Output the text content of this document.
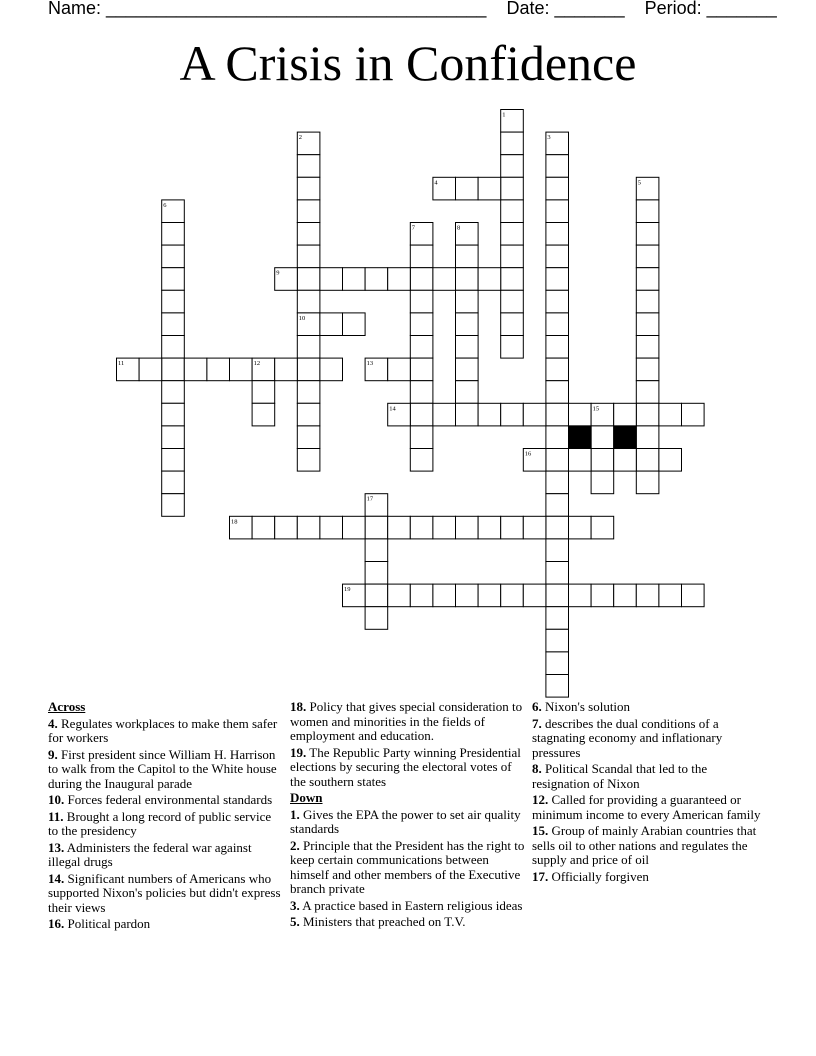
Name: ______________________________________ Date: _______ Period: _______
A Crisis in Confidence
1
2	3
4	5
6
7	8
9
10
11	12	13
14	15
16
17
18
19
Across
4. Regulates workplaces to make them safer for workers
9. First president since William H. Harrison to walk from the Capitol to the White house during the Inaugural parade
10. Forces federal environmental standards
11. Brought a long record of public service to the presidency
13. Administers the federal war against illegal drugs
14. Significant numbers of Americans who supported Nixon's policies but didn't express their views
16. Political pardon
18. Policy that gives special consideration to women and minorities in the fields of employment and education.
19. The Republic Party winning Presidential elections by securing the electoral votes of the southern states
Down
1. Gives the EPA the power to set air quality standards
2. Principle that the President has the right to keep certain communications between himself and other members of the Executive branch private
3. A practice based in Eastern religious ideas
5. Ministers that preached on T.V.
6. Nixon's solution
7. describes the dual conditions of a stagnating economy and inflationary pressures
8. Political Scandal that led to the resignation of Nixon
12. Called for providing a guaranteed or minimum income to every American family
15. Group of mainly Arabian countries that sells oil to other nations and regulates the supply and price of oil
17. Officially forgiven
